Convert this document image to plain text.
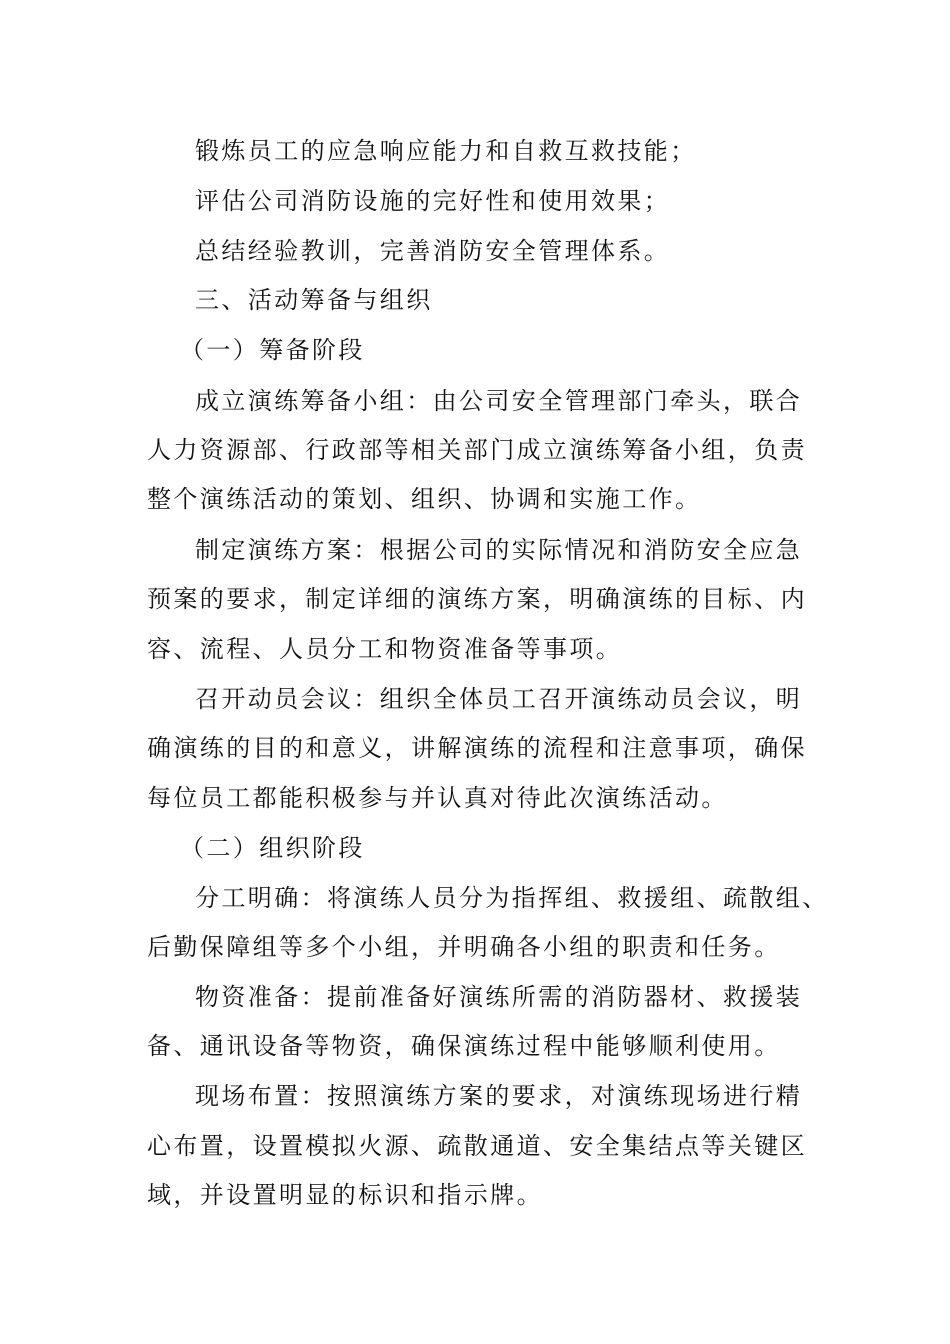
锻炼员工的应急响应能力和自救互救技能；
评估公司消防设施的完好性和使用效果；
总结经验教训，完善消防安全管理体系。
三、活动筹备与组织
（一）筹备阶段
成立演练筹备小组：由公司安全管理部门牵头，联合
人力资源部、行政部等相关部门成立演练筹备小组，负责
整个演练活动的策划、组织、协调和实施工作。
制定演练方案：根据公司的实际情况和消防安全应急
预案的要求，制定详细的演练方案，明确演练的目标、内
容、流程、人员分工和物资准备等事项。
召开动员会议：组织全体员工召开演练动员会议，明
确演练的目的和意义，讲解演练的流程和注意事项，确保
每位员工都能积极参与并认真对待此次演练活动。
（二）组织阶段
分工明确：将演练人员分为指挥组、救援组、疏散组、
后勤保障组等多个小组，并明确各小组的职责和任务。
物资准备：提前准备好演练所需的消防器材、救援装
备、通讯设备等物资，确保演练过程中能够顺利使用。
现场布置：按照演练方案的要求，对演练现场进行精
心布置，设置模拟火源、疏散通道、安全集结点等关键区
域，并设置明显的标识和指示牌。
